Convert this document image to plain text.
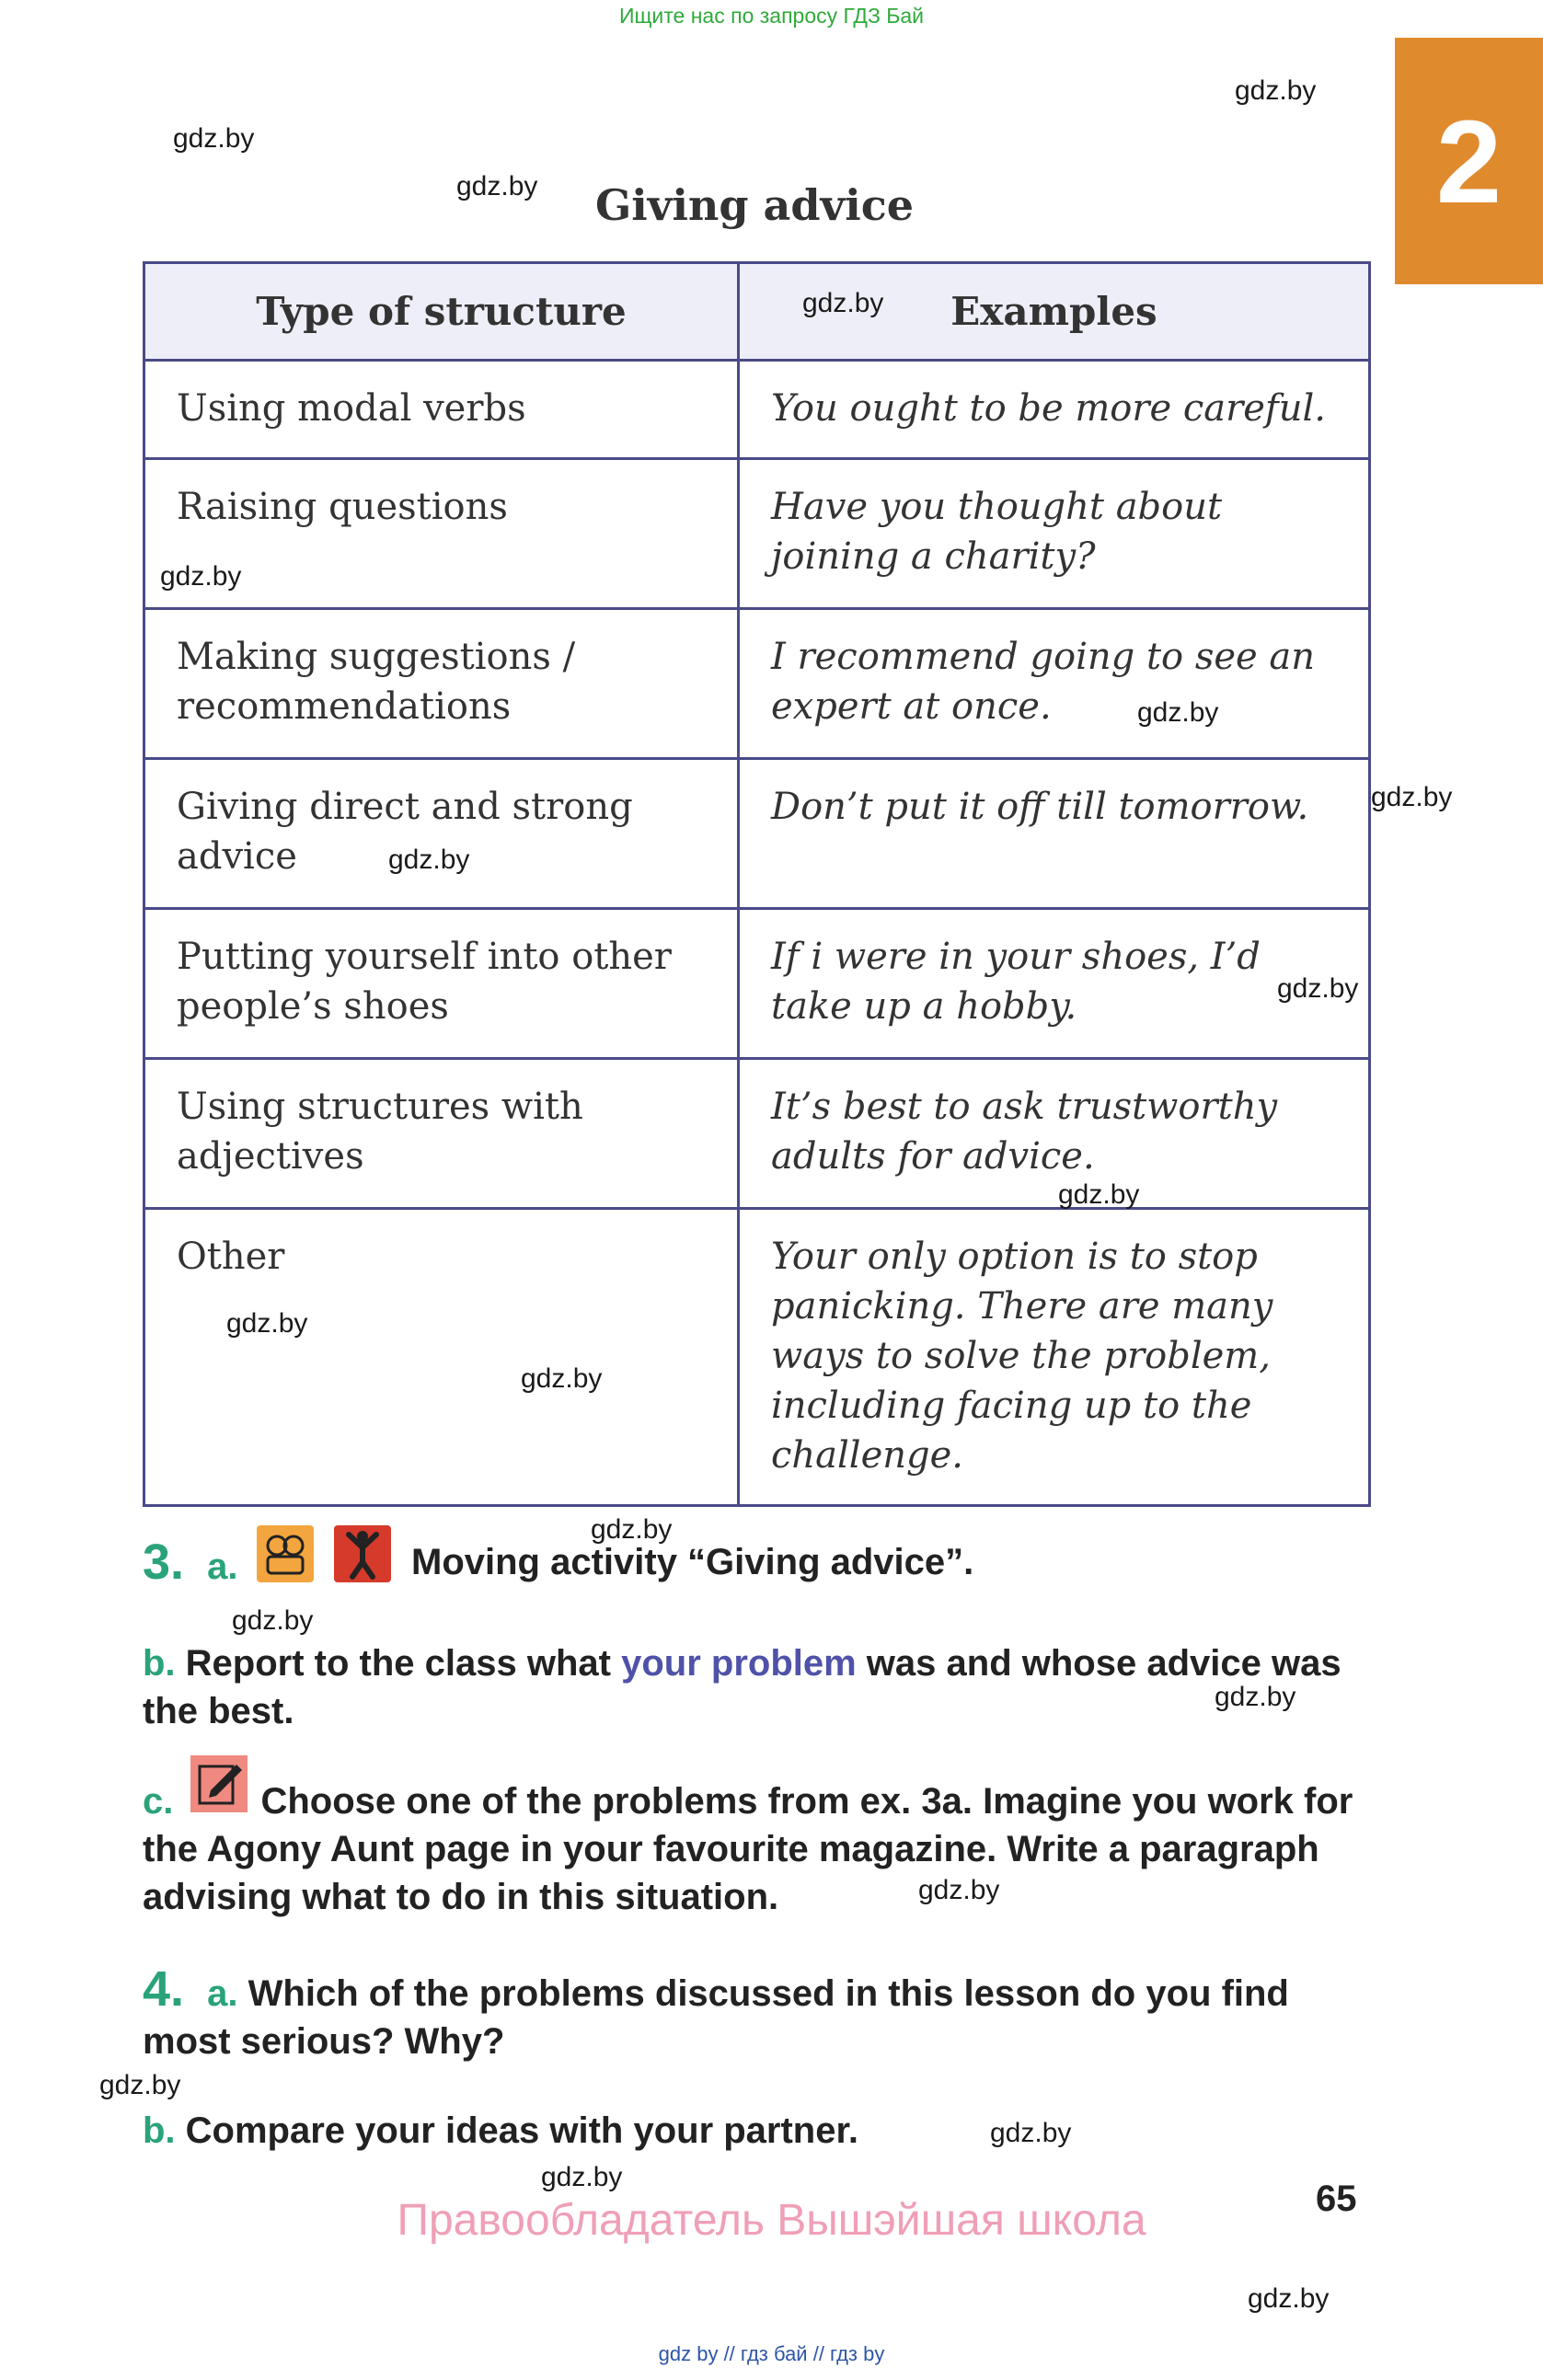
Ищите нас по запросу ГДЗ Бай
2
gdz.by
gdz.by
gdz.by	Giving advice
Type of structure	Examples
Using modal verbs	You ought to be more careful.
Raising questions	Have you thought about joining a charity?
Making suggestions / recommendations	I recommend going to see an expert at once.
Giving direct and strong advice	Don’t put it off till tomorrow.
Putting yourself into other people’s shoes	If i were in your shoes, I’d take up a hobby.
Using structures with adjectives	It’s best to ask trustworthy adults for advice.
Other	Your only option is to stop panicking. There are many ways to solve the problem, including facing up to the challenge.
gdz.by
gdz.by
gdz.by
gdz.by
gdz.by
gdz.by
gdz.by
gdz.by
gdz.by
gdz.by
3. a.	Moving activity “Giving advice”.
gdz.by
b. Report to the class what your problem was and whose advice was the best.	gdz.by
c. Choose one of the problems from ex. 3a. Imagine you work for the Agony Aunt page in your favourite magazine. Write a paragraph advising what to do in this situation.	gdz.by
4. a. Which of the problems discussed in this lesson do you find most serious? Why?
gdz.by
b. Compare your ideas with your partner.	gdz.by
gdz.by
Правообладатель Вышэйшая школа	65
gdz.by
gdz by // гдз бай // гдз by
